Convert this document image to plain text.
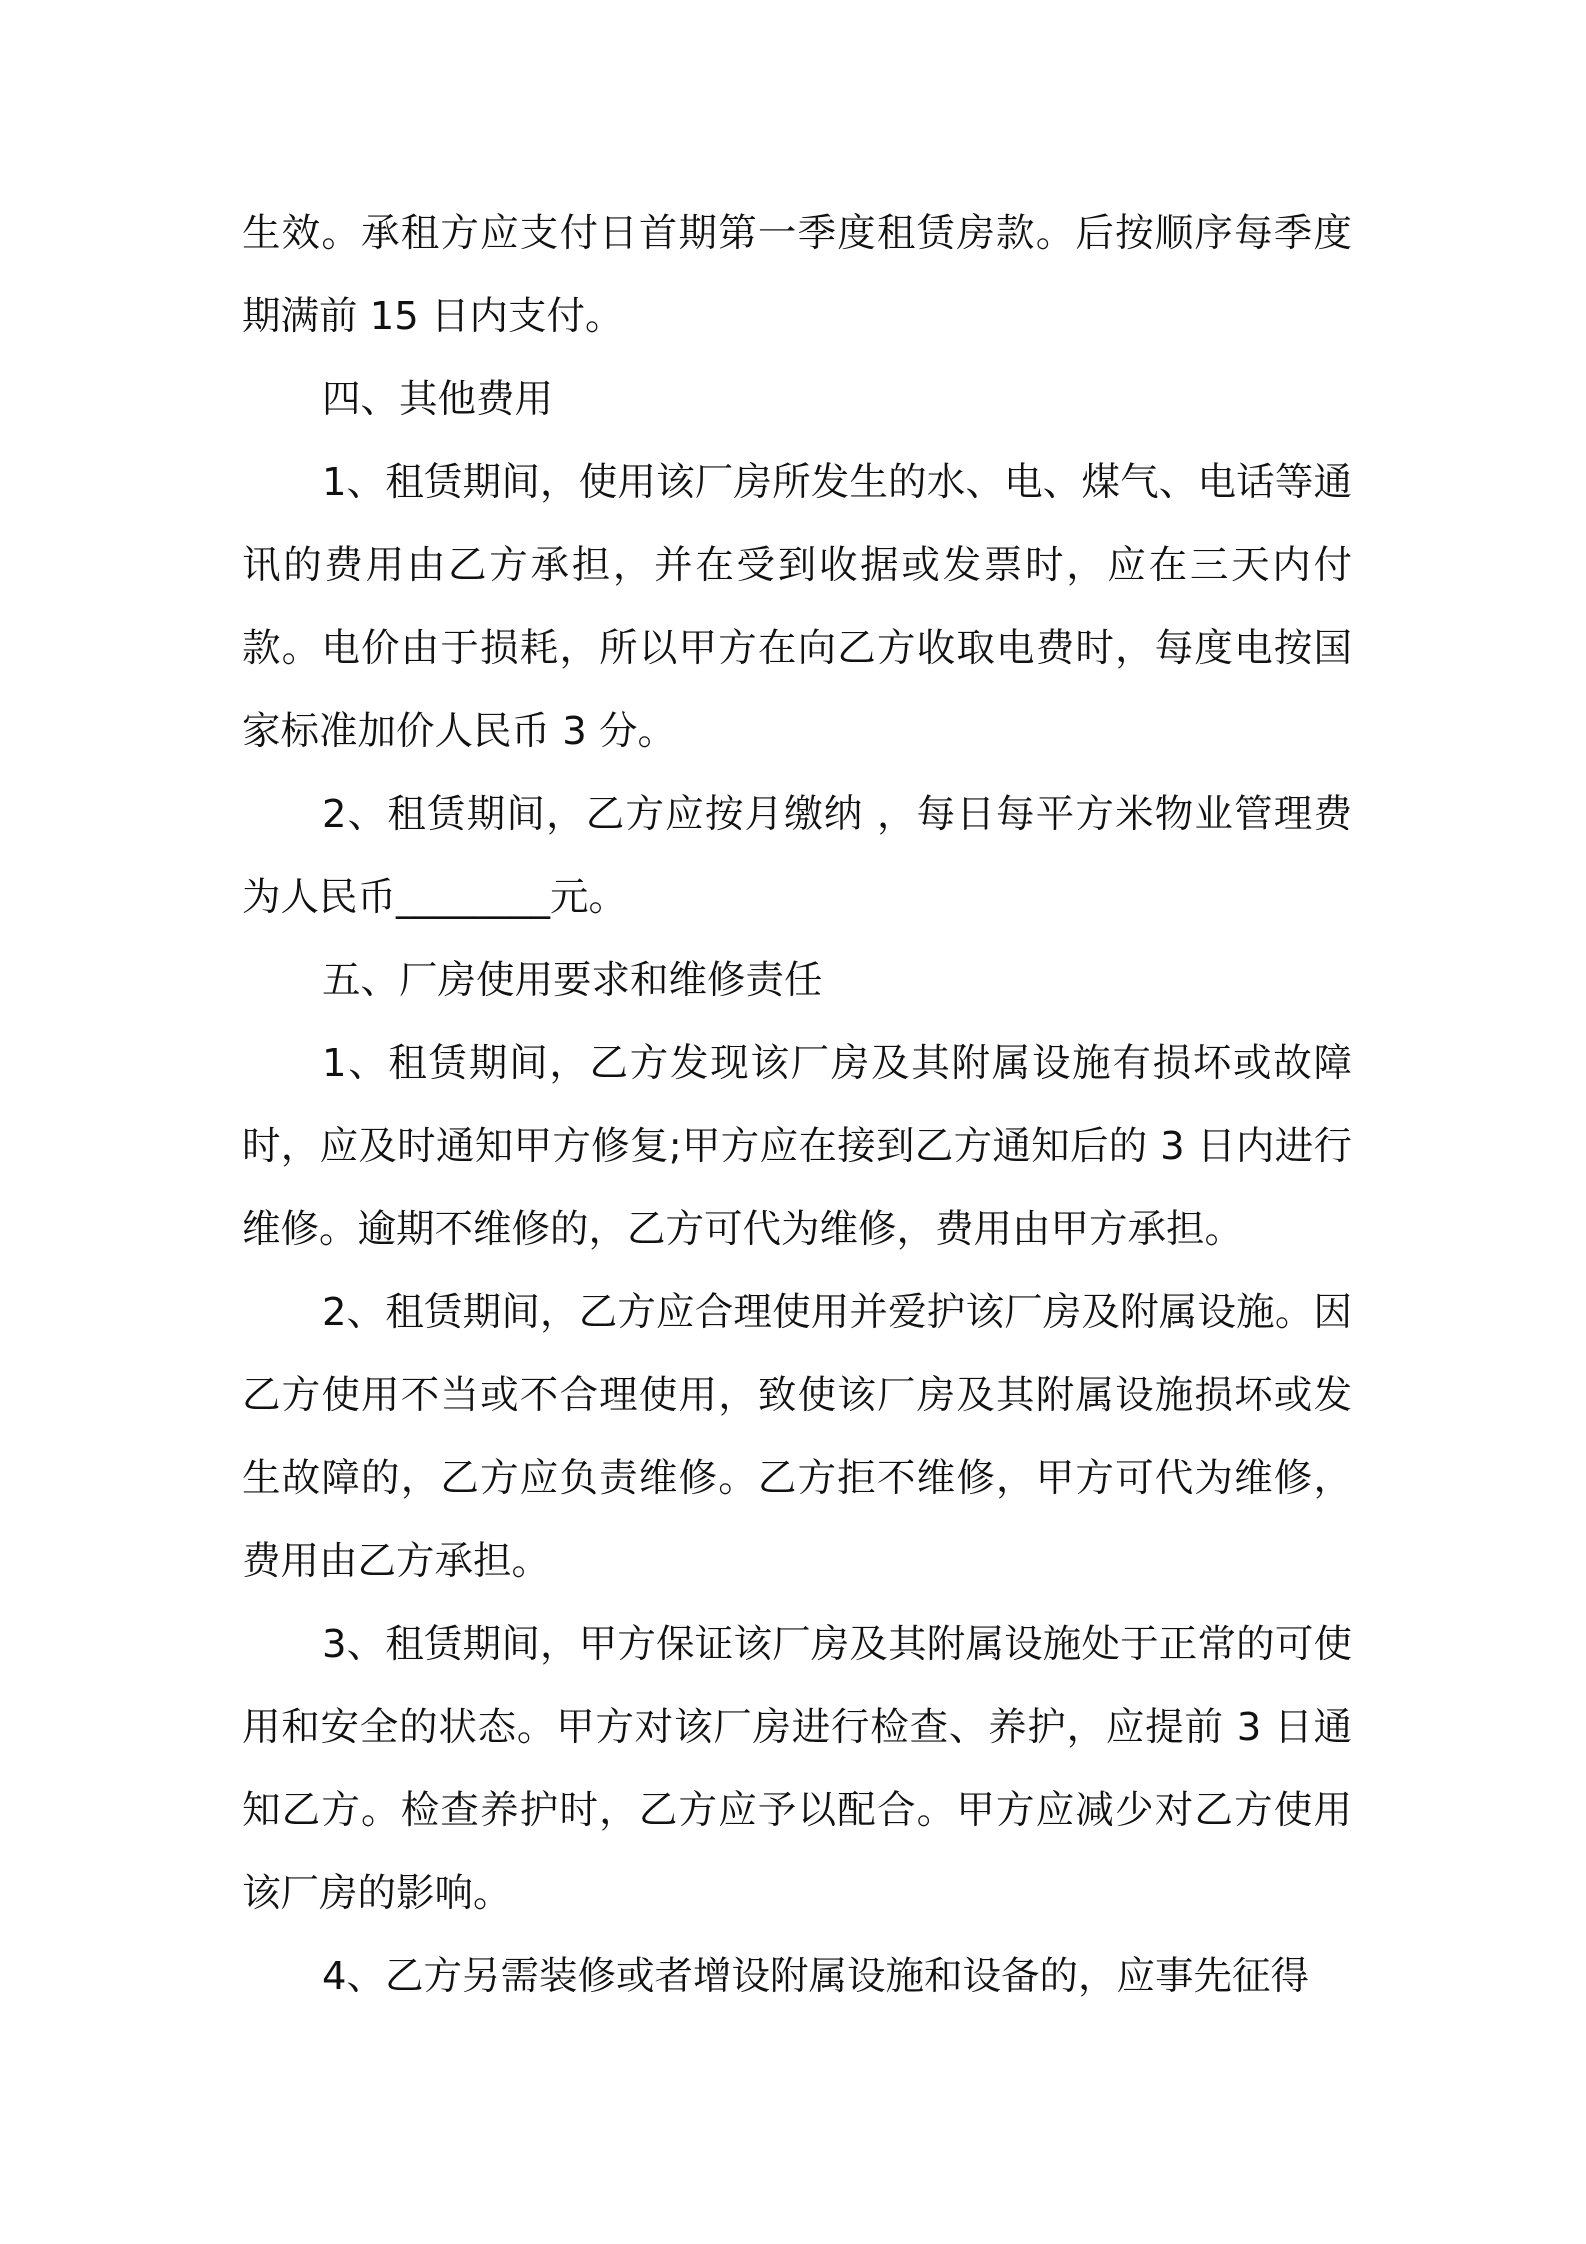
生效。承租方应支付日首期第一季度租赁房款。后按顺序每季度期满前 15 日内支付。

四、其他费用

1、租赁期间，使用该厂房所发生的水、电、煤气、电话等通讯的费用由乙方承担，并在受到收据或发票时，应在三天内付款。电价由于损耗，所以甲方在向乙方收取电费时，每度电按国家标准加价人民币 3 分。

2、租赁期间，乙方应按月缴纳 ，每日每平方米物业管理费为人民币________元。

五、厂房使用要求和维修责任

1、租赁期间，乙方发现该厂房及其附属设施有损坏或故障时，应及时通知甲方修复;甲方应在接到乙方通知后的 3 日内进行维修。逾期不维修的，乙方可代为维修，费用由甲方承担。

2、租赁期间，乙方应合理使用并爱护该厂房及附属设施。因乙方使用不当或不合理使用，致使该厂房及其附属设施损坏或发生故障的，乙方应负责维修。乙方拒不维修，甲方可代为维修，费用由乙方承担。

3、租赁期间，甲方保证该厂房及其附属设施处于正常的可使用和安全的状态。甲方对该厂房进行检查、养护，应提前 3 日通知乙方。检查养护时，乙方应予以配合。甲方应减少对乙方使用该厂房的影响。

4、乙方另需装修或者增设附属设施和设备的，应事先征得
